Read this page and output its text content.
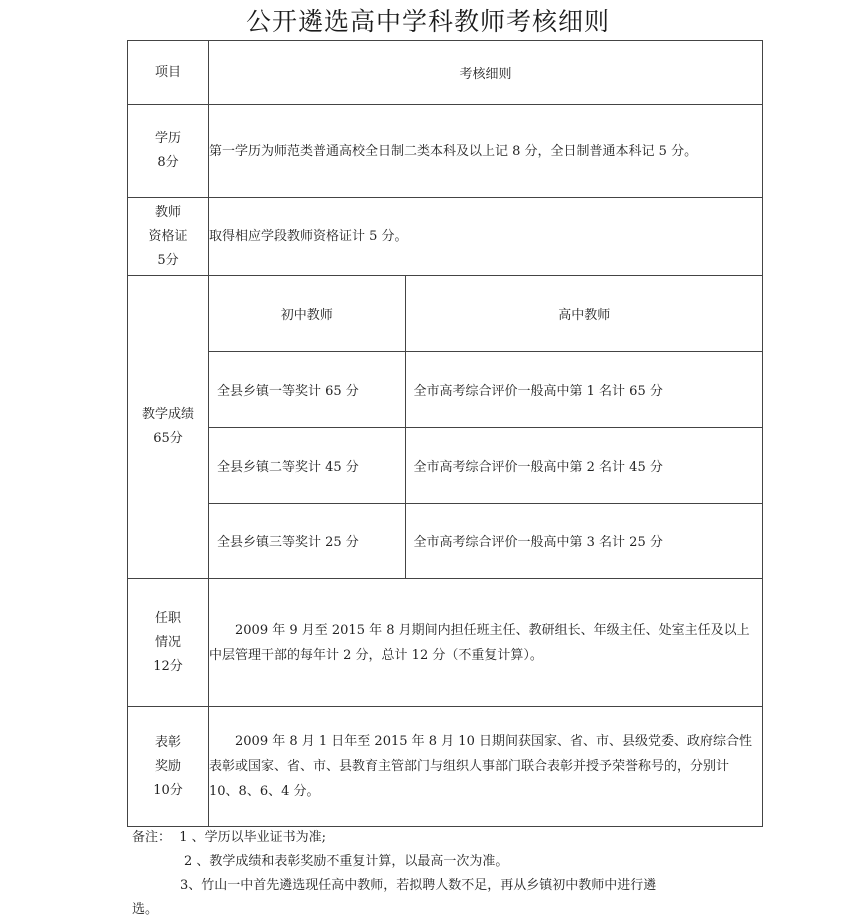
公开遴选高中学科教师考核细则
项目	考核细则

学历
8分
	第一学历为师范类普通高校全日制二类本科及以上记 8 分，全日制普通本科记 5 分。

教师
资格证
5分
	取得相应学段教师资格证计 5 分。

教学成绩
65分

初中教师	高中教师
全县乡镇一等奖计 65 分	全市高考综合评价一般高中第 1 名计 65 分
全县乡镇二等奖计 45 分	全市高考综合评价一般高中第 2 名计 45 分
全县乡镇三等奖计 25 分	全市高考综合评价一般高中第 3 名计 25 分

任职
情况
12分
	2009 年 9 月至 2015 年 8 月期间内担任班主任、教研组长、年级主任、处室主任及以上中层管理干部的每年计 2 分，总计 12 分（不重复计算）。

表彰
奖励
10分
	2009 年 8 月 1 日年至 2015 年 8 月 10 日期间获国家、省、市、县级党委、政府综合性表彰或国家、省、市、县教育主管部门与组织人事部门联合表彰并授予荣誉称号的，分别计 10、8、6、4 分。
备注： 1 、学历以毕业证书为准;
2 、教学成绩和表彰奖励不重复计算，以最高一次为准。
3、竹山一中首先遴选现任高中教师，若拟聘人数不足，再从乡镇初中教师中进行遴
选。
